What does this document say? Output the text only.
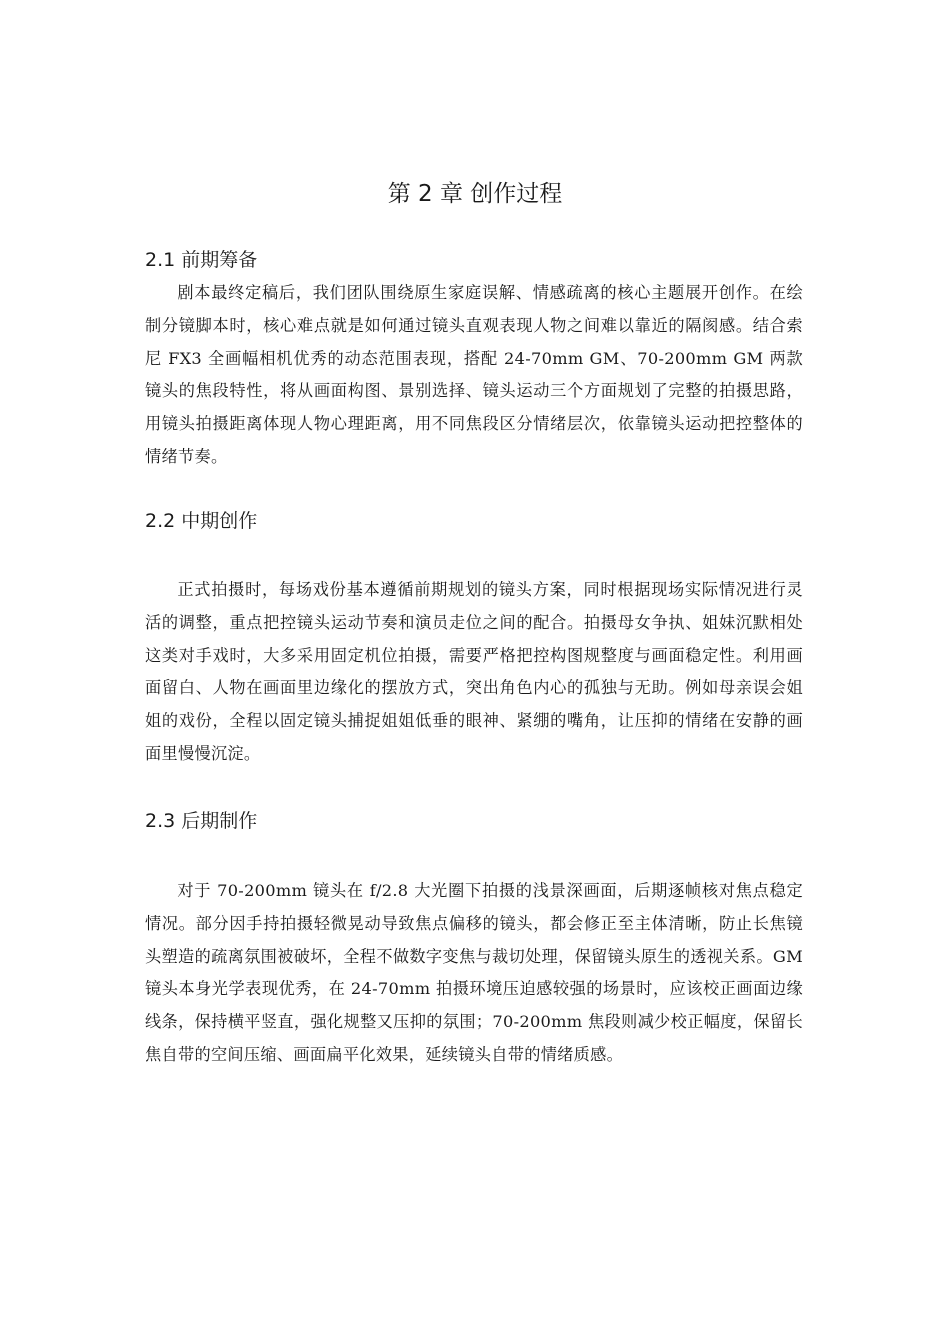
第 2 章 创作过程
2.1 前期筹备

剧本最终定稿后，我们团队围绕原生家庭误解、情感疏离的核心主题展开创作。在绘制分镜脚本时，核心难点就是如何通过镜头直观表现人物之间难以靠近的隔阂感。结合索尼 FX3 全画幅相机优秀的动态范围表现，搭配 24-70mm GM、70-200mm GM 两款镜头的焦段特性，将从画面构图、景别选择、镜头运动三个方面规划了完整的拍摄思路，用镜头拍摄距离体现人物心理距离，用不同焦段区分情绪层次，依靠镜头运动把控整体的情绪节奏。

2.2 中期创作

正式拍摄时，每场戏份基本遵循前期规划的镜头方案，同时根据现场实际情况进行灵活的调整，重点把控镜头运动节奏和演员走位之间的配合。拍摄母女争执、姐妹沉默相处这类对手戏时，大多采用固定机位拍摄，需要严格把控构图规整度与画面稳定性。利用画面留白、人物在画面里边缘化的摆放方式，突出角色内心的孤独与无助。例如母亲误会姐姐的戏份，全程以固定镜头捕捉姐姐低垂的眼神、紧绷的嘴角，让压抑的情绪在安静的画面里慢慢沉淀。

2.3 后期制作

对于 70-200mm 镜头在 f/2.8 大光圈下拍摄的浅景深画面，后期逐帧核对焦点稳定情况。部分因手持拍摄轻微晃动导致焦点偏移的镜头，都会修正至主体清晰，防止长焦镜头塑造的疏离氛围被破坏，全程不做数字变焦与裁切处理，保留镜头原生的透视关系。GM 镜头本身光学表现优秀，在 24-70mm 拍摄环境压迫感较强的场景时，应该校正画面边缘线条，保持横平竖直，强化规整又压抑的氛围；70-200mm 焦段则减少校正幅度，保留长焦自带的空间压缩、画面扁平化效果，延续镜头自带的情绪质感。
